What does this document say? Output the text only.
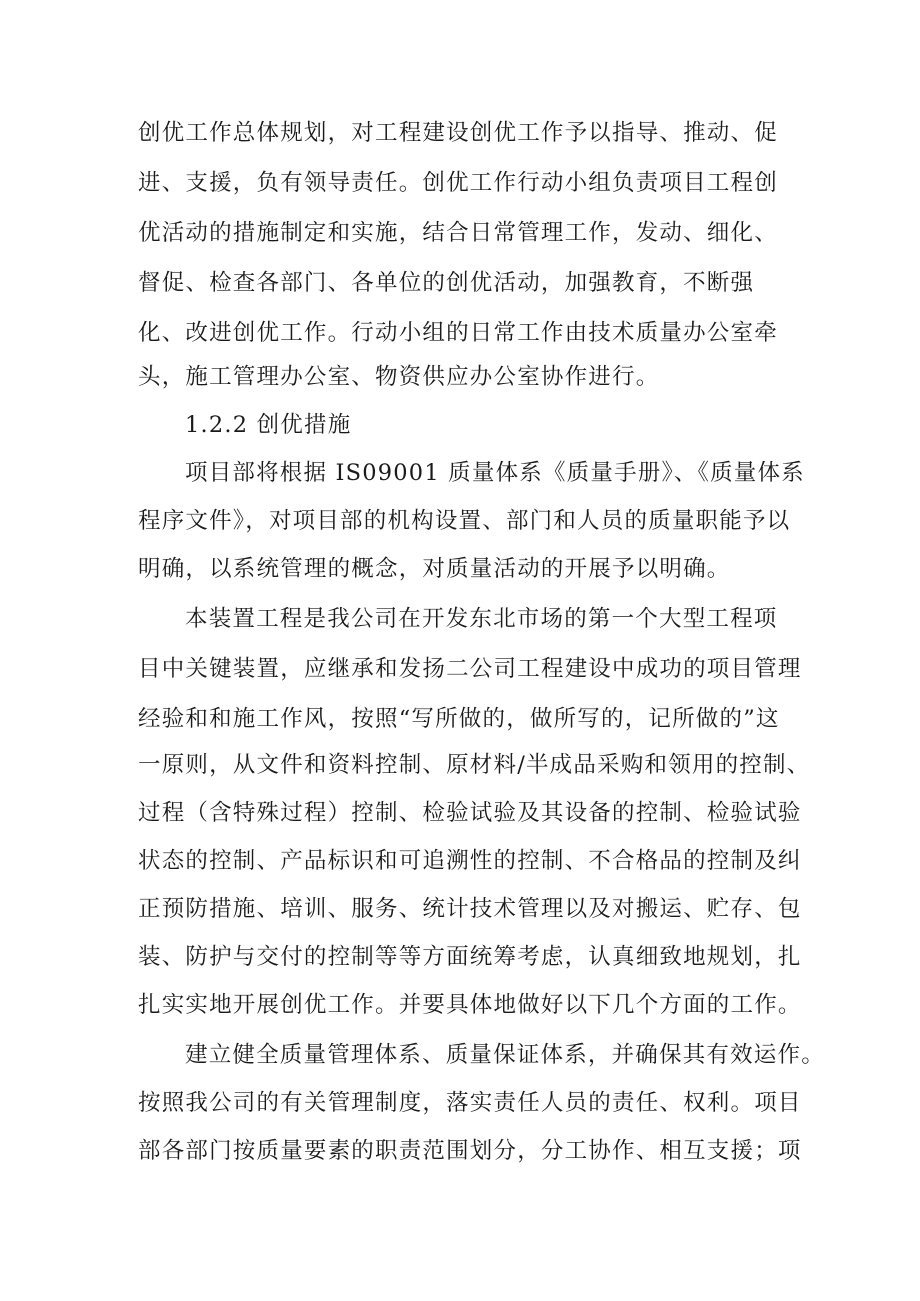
创优工作总体规划，对工程建设创优工作予以指导、推动、促
进、支援，负有领导责任。创优工作行动小组负责项目工程创
优活动的措施制定和实施，结合日常管理工作，发动、细化、
督促、检查各部门、各单位的创优活动，加强教育，不断强
化、改进创优工作。行动小组的日常工作由技术质量办公室牵
头，施工管理办公室、物资供应办公室协作进行。
1.2.2 创优措施
项目部将根据 IS09001 质量体系《质量手册》、《质量体系
程序文件》，对项目部的机构设置、部门和人员的质量职能予以
明确，以系统管理的概念，对质量活动的开展予以明确。
本装置工程是我公司在开发东北市场的第一个大型工程项
目中关键装置，应继承和发扬二公司工程建设中成功的项目管理
经验和和施工作风，按照“写所做的，做所写的，记所做的”这
一原则，从文件和资料控制、原材料/半成品采购和领用的控制、
过程（含特殊过程）控制、检验试验及其设备的控制、检验试验
状态的控制、产品标识和可追溯性的控制、不合格品的控制及纠
正预防措施、培训、服务、统计技术管理以及对搬运、贮存、包
装、防护与交付的控制等等方面统筹考虑，认真细致地规划，扎
扎实实地开展创优工作。并要具体地做好以下几个方面的工作。
建立健全质量管理体系、质量保证体系，并确保其有效运作。
按照我公司的有关管理制度，落实责任人员的责任、权利。项目
部各部门按质量要素的职责范围划分，分工协作、相互支援；项
